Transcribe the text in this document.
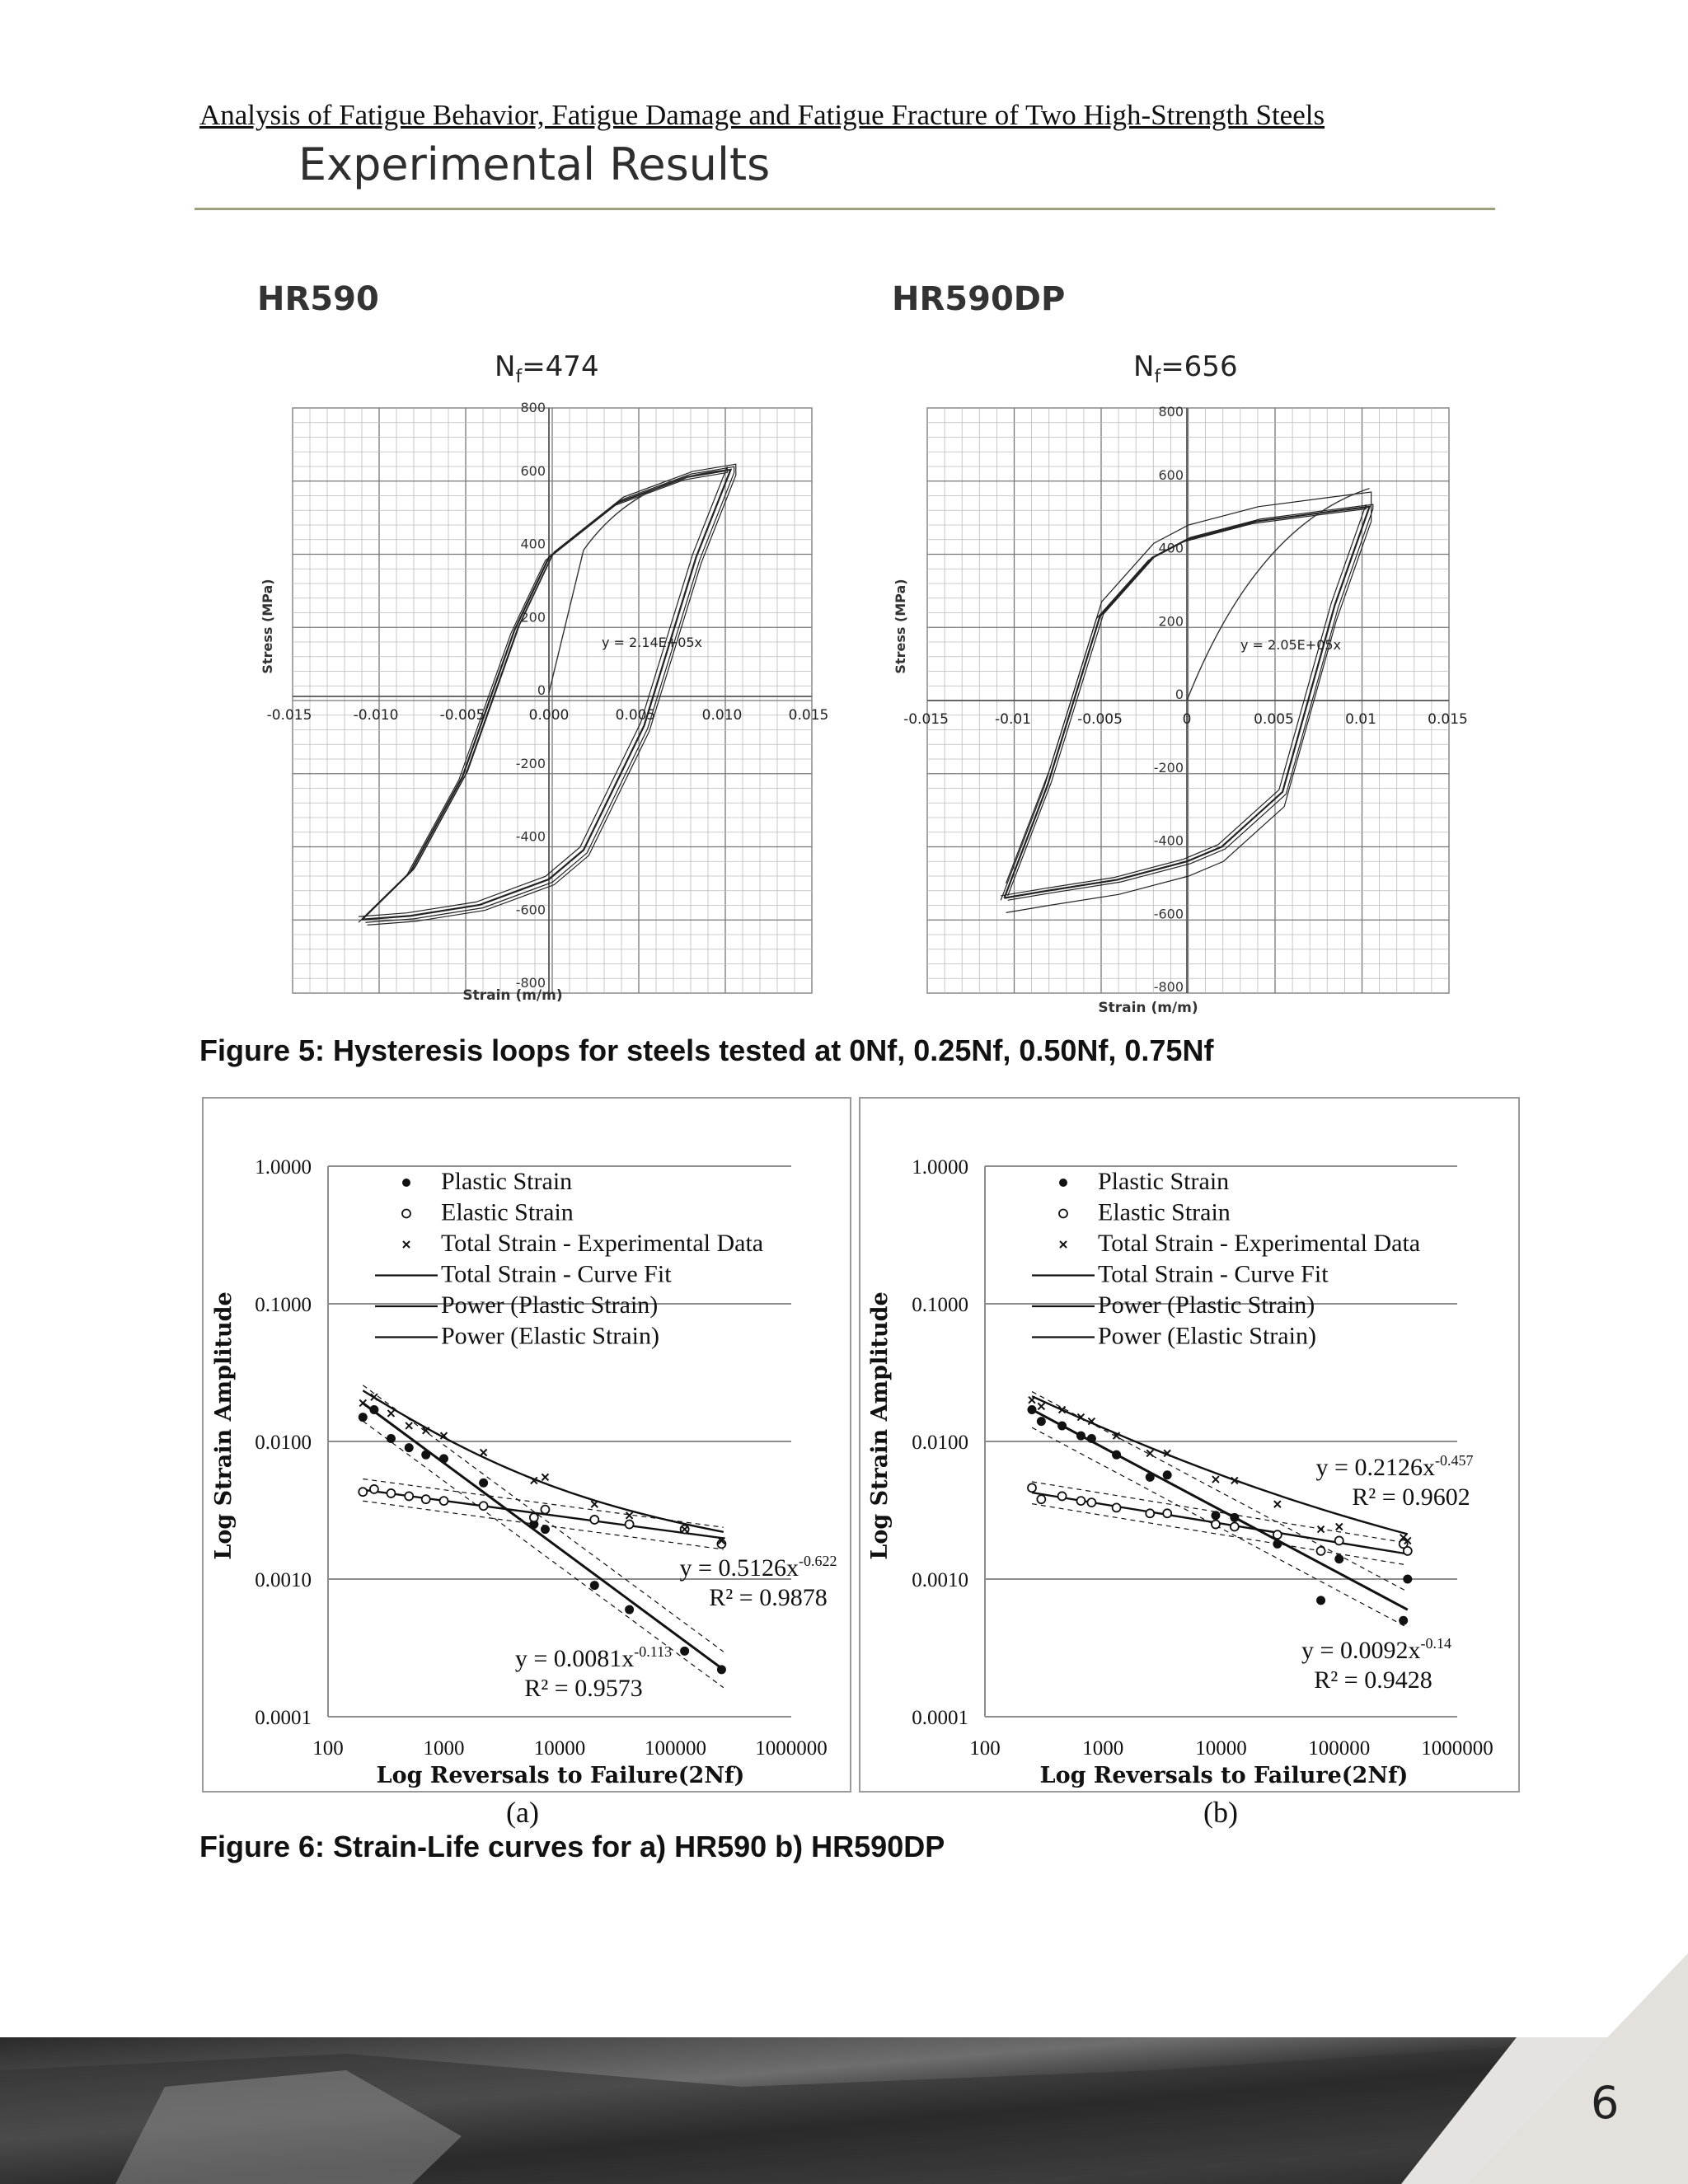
Analysis of Fatigue Behavior, Fatigue Damage and Fatigue Fracture of Two High-Strength Steels
Experimental Results
HR590
$N_f=474$
800
600
400
200
0
-200
-400
-600
-800
-0.015	-0.010	-0.005	0.000	0.005	0.010	0.015
y = 2.14E+05x
Stress (MPa)
Strain (m/m)
HR590DP
$N_f=656$
800
600
400
200
0
-200
-400
-600
-800
-0.015	-0.01	-0.005	0	0.005	0.01	0.015
y = 2.05E+05x
Stress (MPa)
Strain (m/m)
Figure 5: Hysteresis loops for steels tested at 0Nf, 0.25Nf, 0.50Nf, 0.75Nf
1.0000
0.1000
0.0100
0.0010
0.0001
100	1000	10000	100000 1000000
Plastic Strain
Elastic Strain
Total Strain - Experimental Data
Total Strain - Curve Fit
Power (Plastic Strain)
Power (Elastic Strain)
Log Strain Amplitude
Log Reversals to Failure(2Nf)
$y = 0.5126x^{-0.622}$
R² = 0.9878
$y = 0.0081x^{-0.113}$
R² = 0.9573
1.0000
0.1000
0.0100
0.0010
0.0001
100	1000	10000	100000 1000000
Plastic Strain
Elastic Strain
Total Strain - Experimental Data
Total Strain - Curve Fit
Power (Plastic Strain)
Power (Elastic Strain)
Log Strain Amplitude
Log Reversals to Failure(2Nf)
$y = 0.2126x^{-0.457}$
R² = 0.9602
$y = 0.0092x^{-0.14}$
R² = 0.9428
(a)	(b)
Figure 6: Strain-Life curves for a) HR590 b) HR590DP
6
